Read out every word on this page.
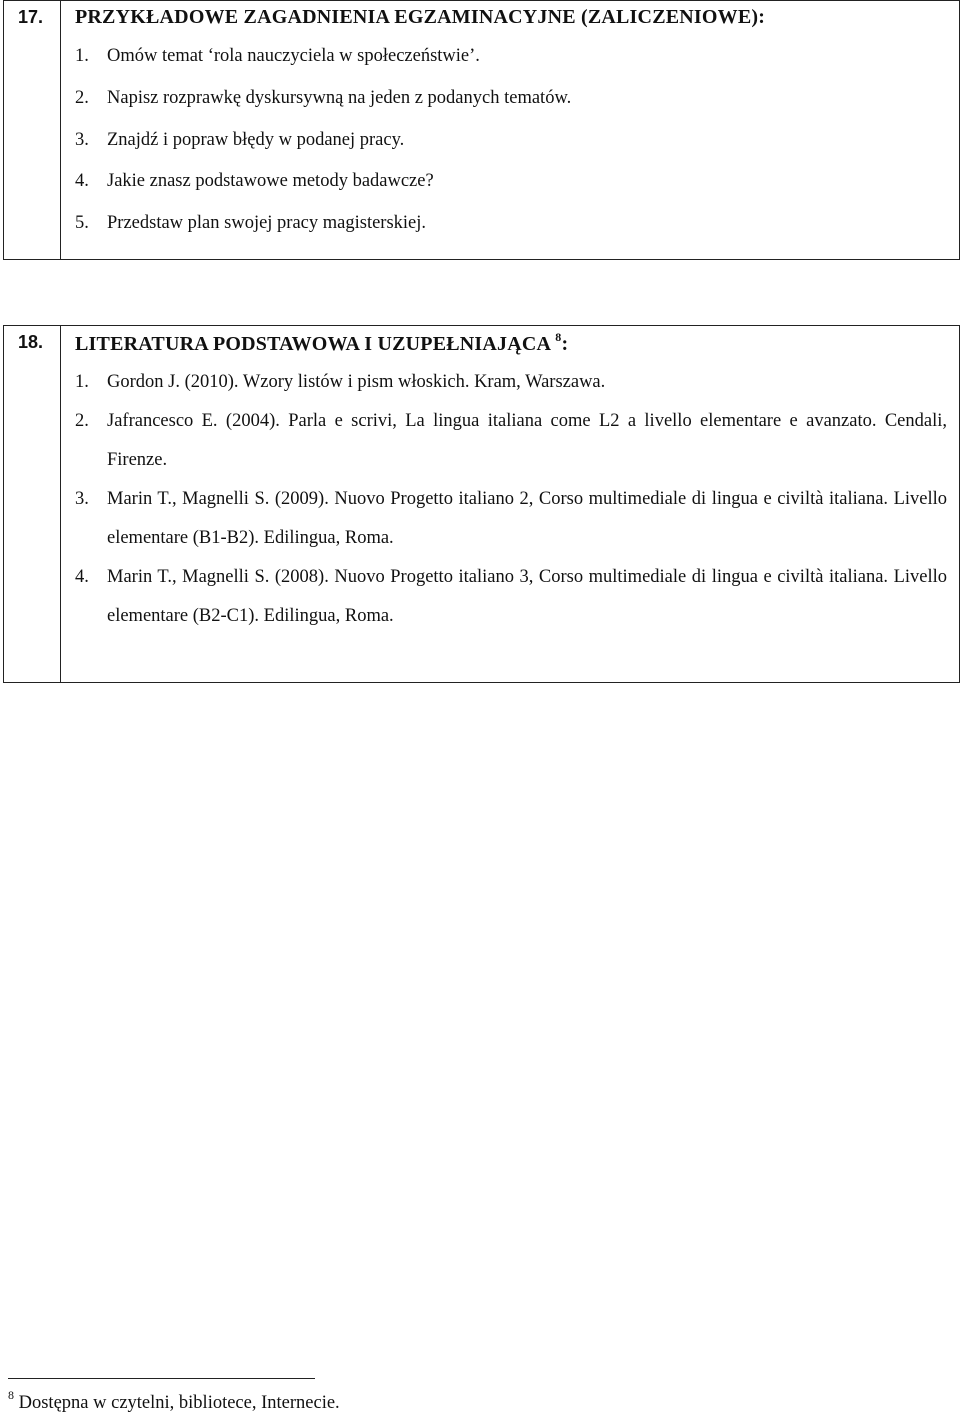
17.	PRZYKŁADOWE ZAGADNIENIA EGZAMINACYJNE (ZALICZENIOWE):
1. Omów temat ‘rola nauczyciela w społeczeństwie’.
2. Napisz rozprawkę dyskursywną na jeden z podanych tematów.
3. Znajdź i popraw błędy w podanej pracy.
4. Jakie znasz podstawowe metody badawcze?
5. Przedstaw plan swojej pracy magisterskiej.
18.	LITERATURA PODSTAWOWA I UZUPEŁNIAJĄCA $^8$:
1. Gordon J. (2010). Wzory listów i pism włoskich. Kram, Warszawa.
2. Jafrancesco E. (2004). Parla e scrivi, La lingua italiana come L2 a livello elementare e avanzato. Cendali, Firenze.
3. Marin T., Magnelli S. (2009). Nuovo Progetto italiano 2, Corso multimediale di lingua e civiltà italiana. Livello elementare (B1-B2). Edilingua, Roma.
4. Marin T., Magnelli S. (2008). Nuovo Progetto italiano 3, Corso multimediale di lingua e civiltà italiana. Livello elementare (B2-C1). Edilingua, Roma.
$^8$ Dostępna w czytelni, bibliotece, Internecie.
